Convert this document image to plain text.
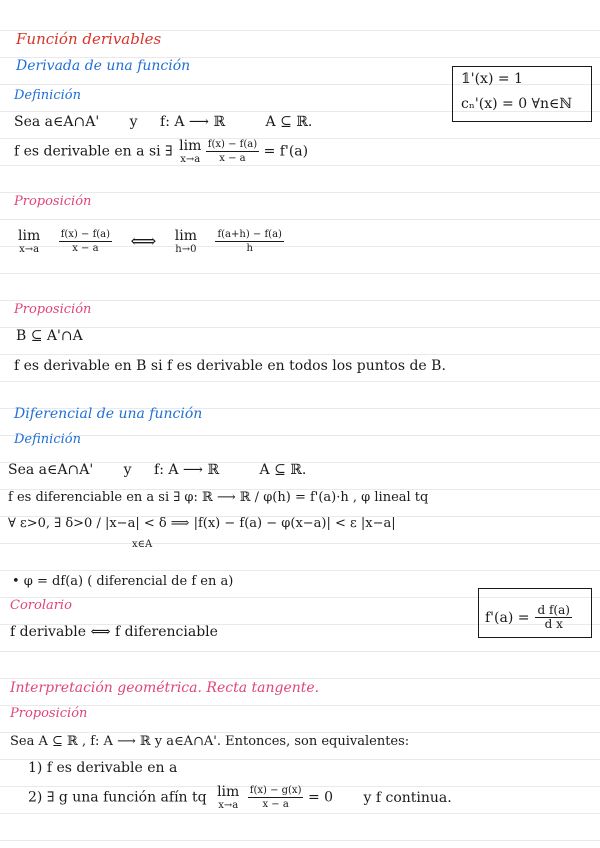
Función derivables
Derivada de una función
Definición
𝟙'(x) = 1
cₙ'(x) = 0 ∀n∈ℕ
Sea a∈A∩A' y f: A ⟶ ℝ	A ⊆ ℝ.
f es derivable en a si ∃ lim
x→a
$\frac{f(x) - f(a)}{x - a} = f'(a)$
Proposición
lim
x→a
$\frac{f(x) - f(a)}{x - a}$ ⟺ lim
h→0
$\frac{f(a+h) - f(a)}{h}$
Proposición
B ⊆ A'∩A
f es derivable en B si f es derivable en todos los puntos de B.
Diferencial de una función
Definición
Sea a∈A∩A' y f: A ⟶ ℝ	A ⊆ ℝ.
f es diferenciable en a si ∃ φ: ℝ ⟶ ℝ / φ(h) = f'(a)·h , φ lineal tq
∀ ε>0, ∃ δ>0 / |x−a| < δ ⟹ |f(x) − f(a) − φ(x−a)| < ε |x−a|
x∈A
• φ = df(a) ( diferencial de f en a)
$f'(a) = \frac{\text{d f(a)}}{\text{d x}}$
Corolario
f derivable ⟺ f diferenciable
Interpretación geométrica. Recta tangente.
Proposición
Sea A ⊆ ℝ , f: A ⟶ ℝ y a∈A∩A'. Entonces, son equivalentes:
1) f es derivable en a
2) ∃ g una función afín tq lim
x→a
$\frac{f(x) - g(x)}{x - a} = 0$ y f continua.
